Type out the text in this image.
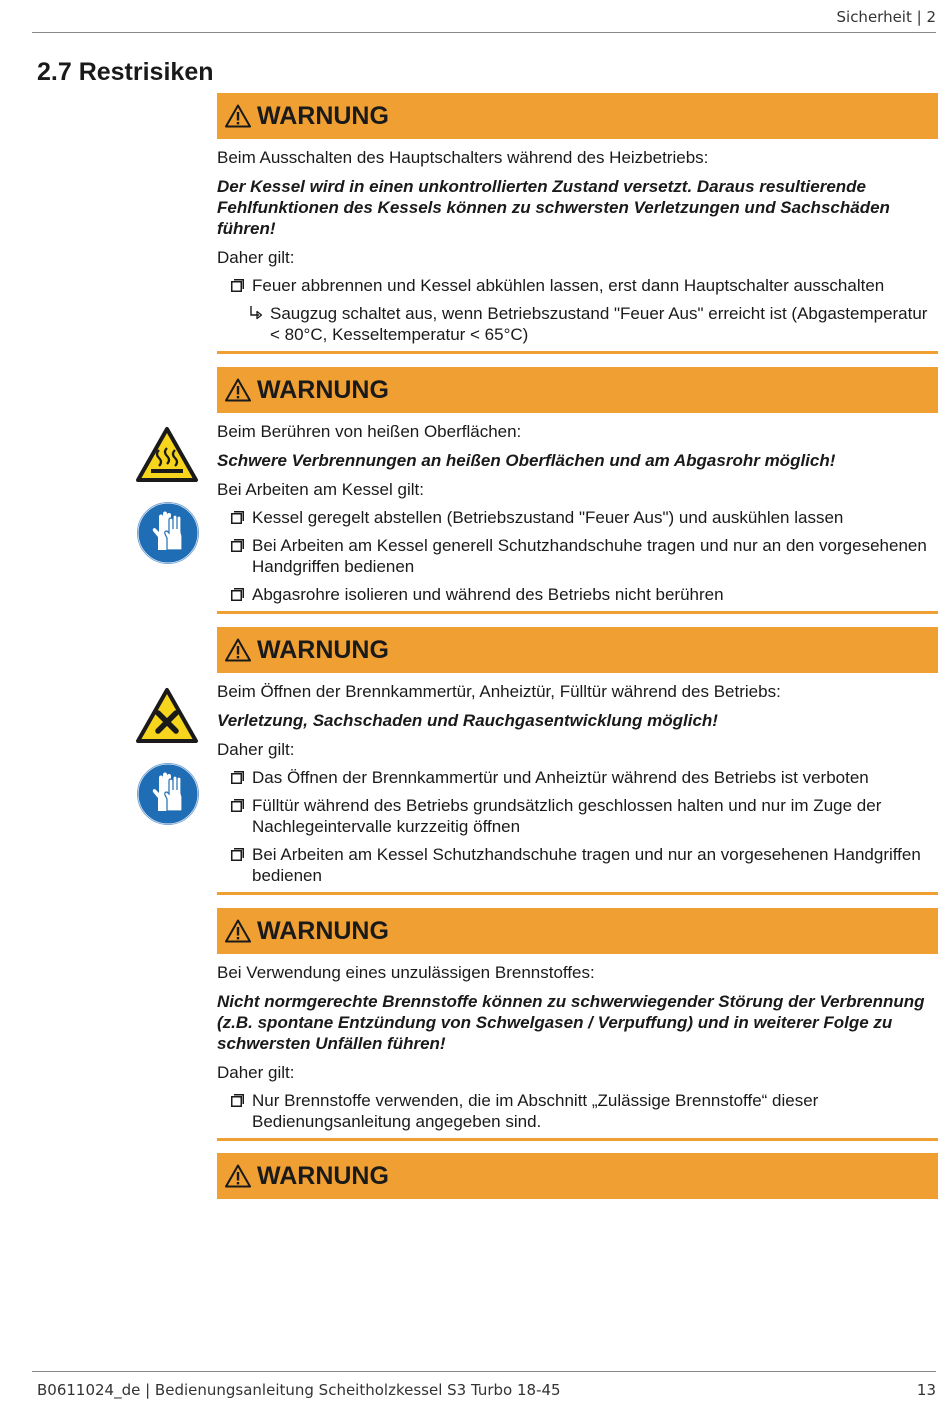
Sicherheit | 2
2.7 Restrisiken
WARNUNG
Beim Ausschalten des Hauptschalters während des Heizbetriebs:
Der Kessel wird in einen unkontrollierten Zustand versetzt. Daraus resultierende Fehlfunktionen des Kessels können zu schwersten Verletzungen und Sachschäden führen!
Daher gilt:
Feuer abbrennen und Kessel abkühlen lassen, erst dann Hauptschalter ausschalten
Saugzug schaltet aus, wenn Betriebszustand "Feuer Aus" erreicht ist (Abgastemperatur < 80°C, Kesseltemperatur < 65°C)
WARNUNG
Beim Berühren von heißen Oberflächen:
Schwere Verbrennungen an heißen Oberflächen und am Abgasrohr möglich!
Bei Arbeiten am Kessel gilt:
Kessel geregelt abstellen (Betriebszustand "Feuer Aus") und auskühlen lassen
Bei Arbeiten am Kessel generell Schutzhandschuhe tragen und nur an den vorgesehenen Handgriffen bedienen
Abgasrohre isolieren und während des Betriebs nicht berühren
WARNUNG
Beim Öffnen der Brennkammertür, Anheiztür, Fülltür während des Betriebs:
Verletzung, Sachschaden und Rauchgasentwicklung möglich!
Daher gilt:
Das Öffnen der Brennkammertür und Anheiztür während des Betriebs ist verboten
Fülltür während des Betriebs grundsätzlich geschlossen halten und nur im Zuge der Nachlegeintervalle kurzzeitig öffnen
Bei Arbeiten am Kessel Schutzhandschuhe tragen und nur an vorgesehenen Handgriffen bedienen
WARNUNG
Bei Verwendung eines unzulässigen Brennstoffes:
Nicht normgerechte Brennstoffe können zu schwerwiegender Störung der Verbrennung (z.B. spontane Entzündung von Schwelgasen / Verpuffung) und in weiterer Folge zu schwersten Unfällen führen!
Daher gilt:
Nur Brennstoffe verwenden, die im Abschnitt „Zulässige Brennstoffe“ dieser Bedienungsanleitung angegeben sind.
WARNUNG
B0611024_de | Bedienungsanleitung Scheitholzkessel S3 Turbo 18-45	13
